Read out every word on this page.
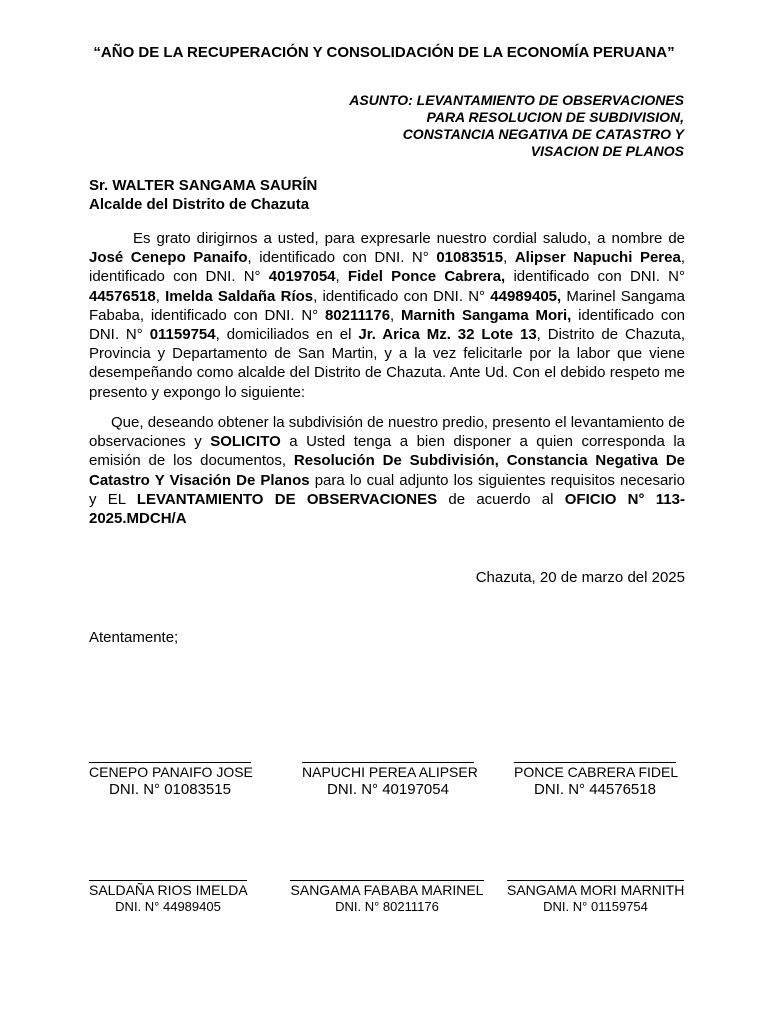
“AÑO DE LA RECUPERACIÓN Y CONSOLIDACIÓN DE LA ECONOMÍA PERUANA”
ASUNTO: LEVANTAMIENTO DE OBSERVACIONES
PARA RESOLUCION DE SUBDIVISION,
CONSTANCIA NEGATIVA DE CATASTRO Y
VISACION DE PLANOS
Sr. WALTER SANGAMA SAURÍN
Alcalde del Distrito de Chazuta
Es grato dirigirnos a usted, para expresarle nuestro cordial saludo, a nombre de José Cenepo Panaifo, identificado con DNI. N° 01083515, Alipser Napuchi Perea, identificado con DNI. N° 40197054, Fidel Ponce Cabrera, identificado con DNI. N° 44576518, Imelda Saldaña Ríos, identificado con DNI. N° 44989405, Marinel Sangama Fababa, identificado con DNI. N° 80211176, Marnith Sangama Mori, identificado con DNI. N° 01159754, domiciliados en el Jr. Arica Mz. 32 Lote 13, Distrito de Chazuta, Provincia y Departamento de San Martin, y a la vez felicitarle por la labor que viene desempeñando como alcalde del Distrito de Chazuta. Ante Ud. Con el debido respeto me presento y expongo lo siguiente:
Que, deseando obtener la subdivisión de nuestro predio, presento el levantamiento de observaciones y SOLICITO a Usted tenga a bien disponer a quien corresponda la emisión de los documentos, Resolución De Subdivisión, Constancia Negativa De Catastro Y Visación De Planos para lo cual adjunto los siguientes requisitos necesario y EL LEVANTAMIENTO DE OBSERVACIONES de acuerdo al OFICIO N° 113-2025.MDCH/A
Chazuta, 20 de marzo del 2025
Atentamente;
CENEPO PANAIFO JOSE
DNI. N° 01083515
NAPUCHI PEREA ALIPSER
DNI. N° 40197054
PONCE CABRERA FIDEL
DNI. N° 44576518
SALDAÑA RIOS IMELDA
DNI. N° 44989405
SANGAMA FABABA MARINEL
DNI. N° 80211176
SANGAMA MORI MARNITH
DNI. N° 01159754
